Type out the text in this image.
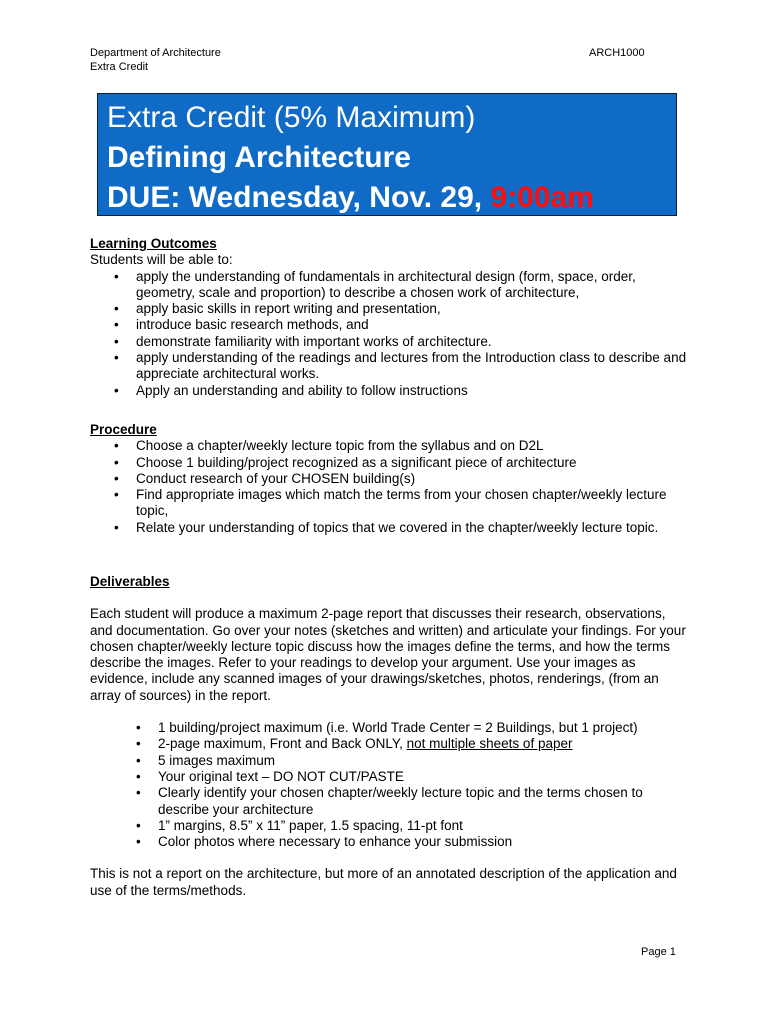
Department of Architecture
Extra Credit
ARCH1000
Extra Credit (5% Maximum)
Defining Architecture
DUE: Wednesday, Nov. 29, 9:00am
Learning Outcomes
Students will be able to:
• apply the understanding of fundamentals in architectural design (form, space, order, geometry, scale and proportion) to describe a chosen work of architecture,
• apply basic skills in report writing and presentation,
• introduce basic research methods, and
• demonstrate familiarity with important works of architecture.
• apply understanding of the readings and lectures from the Introduction class to describe and appreciate architectural works.
• Apply an understanding and ability to follow instructions
Procedure
• Choose a chapter/weekly lecture topic from the syllabus and on D2L
• Choose 1 building/project recognized as a significant piece of architecture
• Conduct research of your CHOSEN building(s)
• Find appropriate images which match the terms from your chosen chapter/weekly lecture topic,
• Relate your understanding of topics that we covered in the chapter/weekly lecture topic.
Deliverables

Each student will produce a maximum 2-page report that discusses their research, observations, and documentation. Go over your notes (sketches and written) and articulate your findings. For your chosen chapter/weekly lecture topic discuss how the images define the terms, and how the terms describe the images. Refer to your readings to develop your argument. Use your images as evidence, include any scanned images of your drawings/sketches, photos, renderings, (from an array of sources) in the report.

• 1 building/project maximum (i.e. World Trade Center = 2 Buildings, but 1 project)
• 2-page maximum, Front and Back ONLY, not multiple sheets of paper
• 5 images maximum
• Your original text – DO NOT CUT/PASTE
• Clearly identify your chosen chapter/weekly lecture topic and the terms chosen to describe your architecture
• 1” margins, 8.5” x 11” paper, 1.5 spacing, 11-pt font
• Color photos where necessary to enhance your submission

This is not a report on the architecture, but more of an annotated description of the application and use of the terms/methods.

Page 1
